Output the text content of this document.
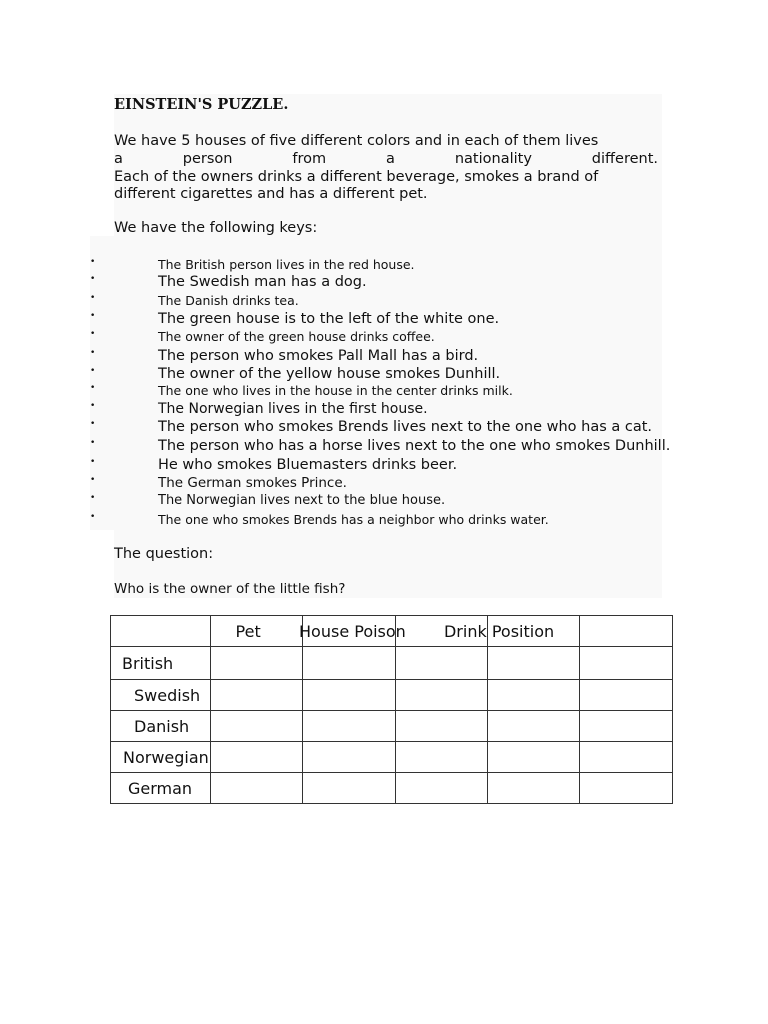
EINSTEIN'S PUZZLE.
We have 5 houses of five different colors and in each of them lives
a person from a nationality different.
Each of the owners drinks a different beverage, smokes a brand of
different cigarettes and has a different pet.
We have the following keys:
•	The British person lives in the red house.
•	The Swedish man has a dog.
•	The Danish drinks tea.
•	The green house is to the left of the white one.
•	The owner of the green house drinks coffee.
•	The person who smokes Pall Mall has a bird.
•	The owner of the yellow house smokes Dunhill.
•	The one who lives in the house in the center drinks milk.
•	The Norwegian lives in the first house.
•	The person who smokes Brends lives next to the one who has a cat.
•	The person who has a horse lives next to the one who smokes Dunhill.
•	He who smokes Bluemasters drinks beer.
•	The German smokes Prince.
•	The Norwegian lives next to the blue house.
•	The one who smokes Brends has a neighbor who drinks water.
The question:
Who is the owner of the little fish?
	Pet	House Poison		Drink Position	
British					
Swedish					
Danish					
Norwegian					
German					
